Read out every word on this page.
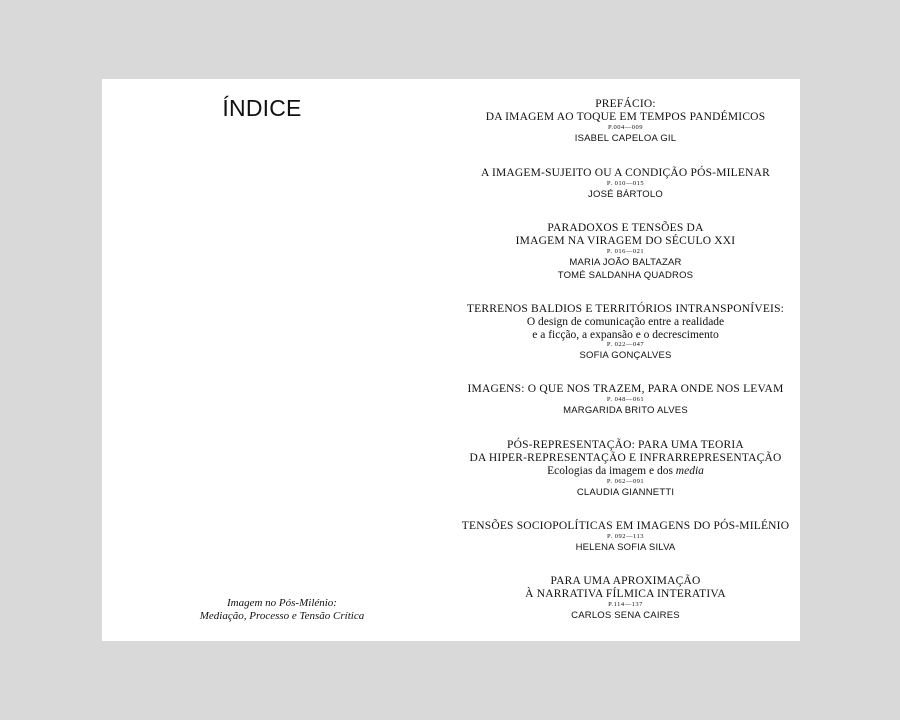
ÍNDICE
Imagem no Pós-Milénio:
Mediação, Processo e Tensão Crítica
PREFÁCIO:
DA IMAGEM AO TOQUE EM TEMPOS PANDÉMICOS
P.004—009
ISABEL CAPELOA GIL
A IMAGEM-SUJEITO OU A CONDIÇÃO PÓS-MILENAR
P. 010—015
JOSÉ BÁRTOLO
PARADOXOS E TENSÕES DA
IMAGEM NA VIRAGEM DO SÉCULO XXI
P. 016—021
MARIA JOÃO BALTAZAR
TOMÉ SALDANHA QUADROS
TERRENOS BALDIOS E TERRITÓRIOS INTRANSPONÍVEIS:
O design de comunicação entre a realidade
e a ficção, a expansão e o decrescimento
P. 022—047
SOFIA GONÇALVES
IMAGENS: O QUE NOS TRAZEM, PARA ONDE NOS LEVAM
P. 048—061
MARGARIDA BRITO ALVES
PÓS-REPRESENTAÇÃO: PARA UMA TEORIA
DA HIPER-REPRESENTAÇÃO E INFRARREPRESENTAÇÃO
Ecologias da imagem e dos media
P. 062—091
CLAUDIA GIANNETTI
TENSÕES SOCIOPOLÍTICAS EM IMAGENS DO PÓS-MILÉNIO
P. 092—113
HELENA SOFIA SILVA
PARA UMA APROXIMAÇÃO
À NARRATIVA FÍLMICA INTERATIVA
P.114—137
CARLOS SENA CAIRES
